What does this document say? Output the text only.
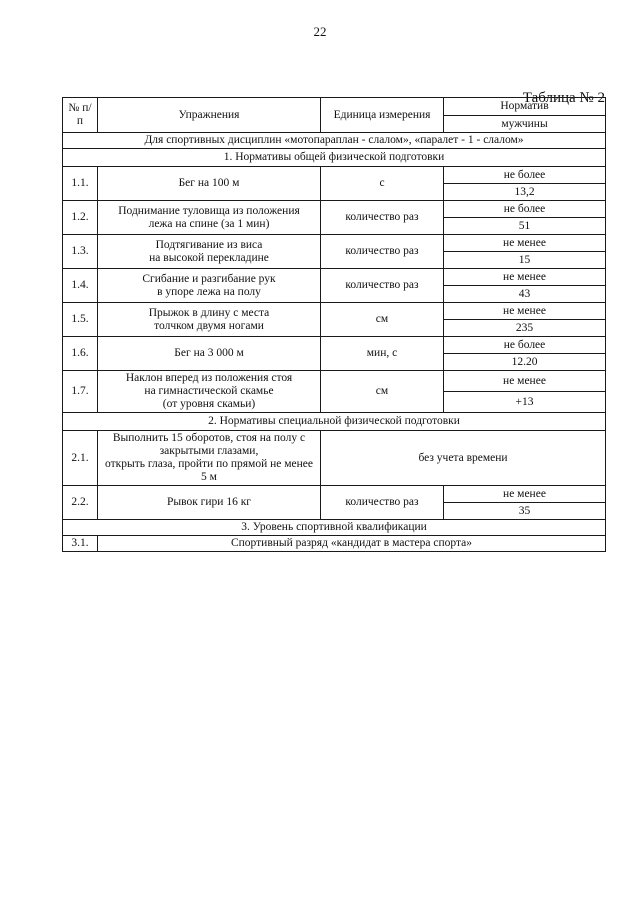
22
Таблица № 2
№ п/п	Упражнения	Единица измерения	Норматив
			мужчины
Для спортивных дисциплин «мотопараплан - слалом», «паралет - 1 - слалом»			
1. Нормативы общей физической подготовки			
1.1.	Бег на 100 м	с	не более
			13,2
1.2.	Поднимание туловища из положения
лежа на спине (за 1 мин)	количество раз	не более
			51
1.3.	Подтягивание из виса
на высокой перекладине	количество раз	не менее
			15
1.4.	Сгибание и разгибание рук
в упоре лежа на полу	количество раз	не менее
			43
1.5.	Прыжок в длину с места
толчком двумя ногами	см	не менее
			235
1.6.	Бег на 3 000 м	мин, с	не более
			12.20
1.7.	Наклон вперед из положения стоя
на гимнастической скамье
(от уровня скамьи)	см	не менее
			+13
2. Нормативы специальной физической подготовки			
2.1.	Выполнить 15 оборотов, стоя на полу с закрытыми глазами,
открыть глаза, пройти по прямой не менее 5 м	без учета времени	
2.2.	Рывок гири 16 кг	количество раз	не менее
			35
3. Уровень спортивной квалификации			
3.1.	Спортивный разряд «кандидат в мастера спорта»		
